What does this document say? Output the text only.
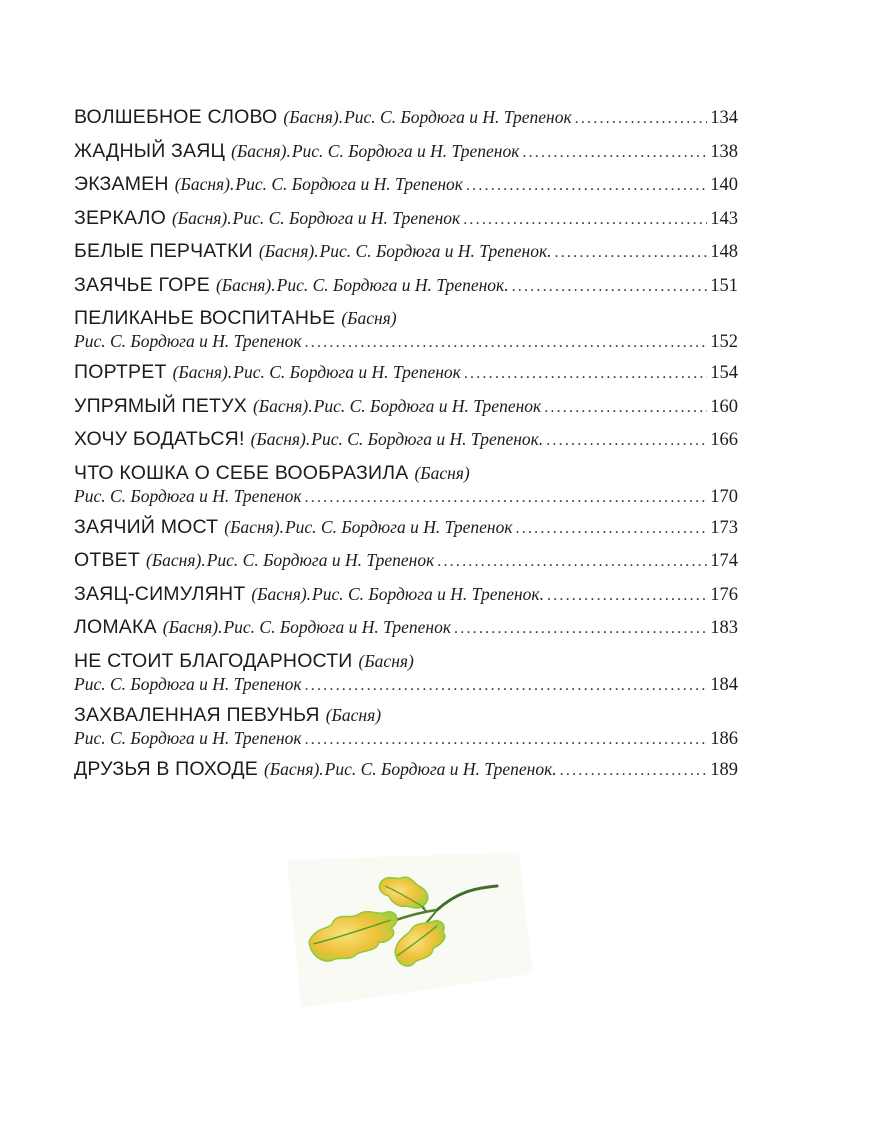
ВОЛШЕБНОЕ СЛОВО (Басня). Рис. С. Бордюга и Н. Трепенок .....	134
ЖАДНЫЙ ЗАЯЦ (Басня). Рис. С. Бордюга и Н. Трепенок .....	138
ЭКЗАМЕН (Басня). Рис. С. Бордюга и Н. Трепенок .....	140
ЗЕРКАЛО (Басня). Рис. С. Бордюга и Н. Трепенок .....	143
БЕЛЫЕ ПЕРЧАТКИ (Басня). Рис. С. Бордюга и Н. Трепенок. .....	148
ЗАЯЧЬЕ ГОРЕ (Басня). Рис. С. Бордюга и Н. Трепенок. .....	151
ПЕЛИКАНЬЕ ВОСПИТАНЬЕ (Басня)
Рис. С. Бордюга и Н. Трепенок .....	152
ПОРТРЕТ (Басня). Рис. С. Бордюга и Н. Трепенок .....	154
УПРЯМЫЙ ПЕТУХ (Басня). Рис. С. Бордюга и Н. Трепенок .....	160
ХОЧУ БОДАТЬСЯ! (Басня). Рис. С. Бордюга и Н. Трепенок. .....	166
ЧТО КОШКА О СЕБЕ ВООБРАЗИЛА (Басня)
Рис. С. Бордюга и Н. Трепенок .....	170
ЗАЯЧИЙ МОСТ (Басня). Рис. С. Бордюга и Н. Трепенок .....	173
ОТВЕТ (Басня). Рис. С. Бордюга и Н. Трепенок .....	174
ЗАЯЦ-СИМУЛЯНТ (Басня). Рис. С. Бордюга и Н. Трепенок. .....	176
ЛОМАКА (Басня). Рис. С. Бордюга и Н. Трепенок .....	183
НЕ СТОИТ БЛАГОДАРНОСТИ (Басня)
Рис. С. Бордюга и Н. Трепенок .....	184
ЗАХВАЛЕННАЯ ПЕВУНЬЯ (Басня)
Рис. С. Бордюга и Н. Трепенок .....	186
ДРУЗЬЯ В ПОХОДЕ (Басня). Рис. С. Бордюга и Н. Трепенок. .....	189
